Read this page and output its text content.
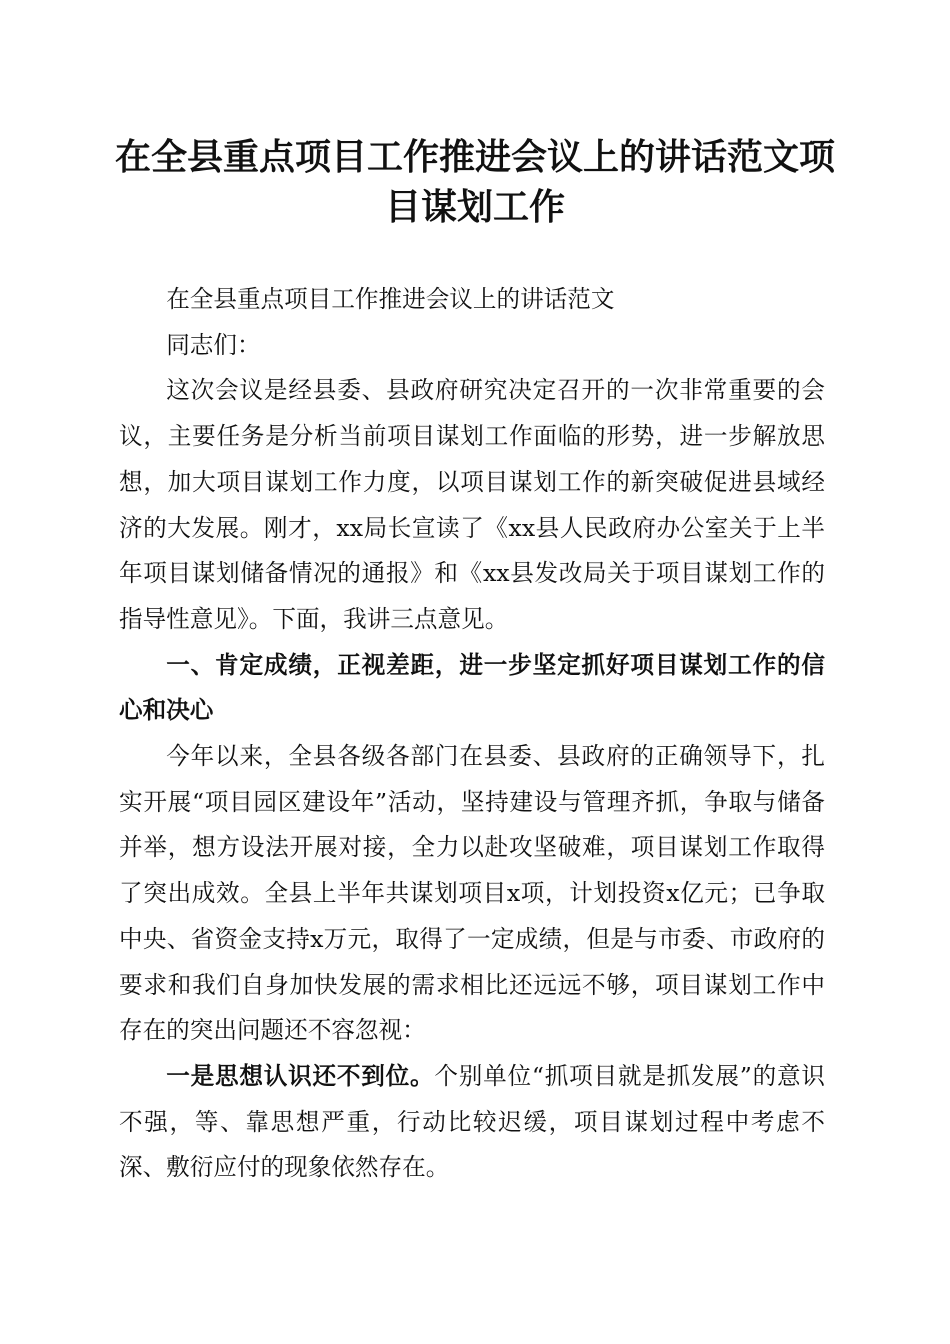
在全县重点项目工作推进会议上的讲话范文项
目谋划工作

在全县重点项目工作推进会议上的讲话范文

同志们：

这次会议是经县委、县政府研究决定召开的一次非常重要的会议，主要任务是分析当前项目谋划工作面临的形势，进一步解放思想，加大项目谋划工作力度，以项目谋划工作的新突破促进县域经济的大发展。刚才，xx局长宣读了《xx县人民政府办公室关于上半年项目谋划储备情况的通报》和《xx县发改局关于项目谋划工作的指导性意见》。下面，我讲三点意见。

一、肯定成绩，正视差距，进一步坚定抓好项目谋划工作的信心和决心

今年以来，全县各级各部门在县委、县政府的正确领导下，扎实开展“项目园区建设年”活动，坚持建设与管理齐抓，争取与储备并举，想方设法开展对接，全力以赴攻坚破难，项目谋划工作取得了突出成效。全县上半年共谋划项目x项，计划投资x亿元；已争取中央、省资金支持x万元，取得了一定成绩，但是与市委、市政府的要求和我们自身加快发展的需求相比还远远不够，项目谋划工作中存在的突出问题还不容忽视：

一是思想认识还不到位。个别单位“抓项目就是抓发展”的意识不强，等、靠思想严重，行动比较迟缓，项目谋划过程中考虑不深、敷衍应付的现象依然存在。
